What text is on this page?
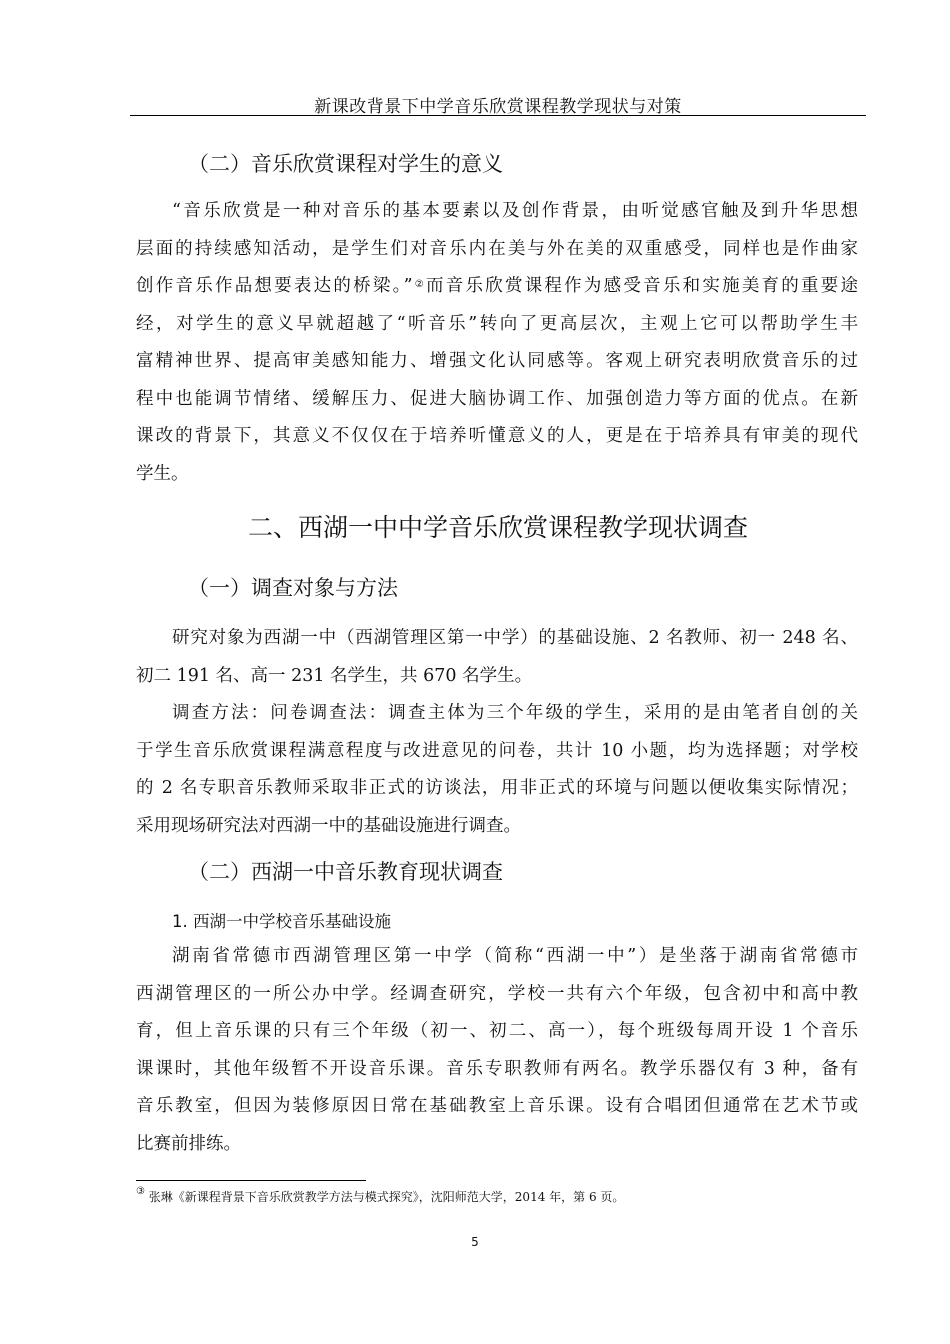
新课改背景下中学音乐欣赏课程教学现状与对策
（二）音乐欣赏课程对学生的意义
“音乐欣赏是一种对音乐的基本要素以及创作背景，由听觉感官触及到升华思想
层面的持续感知活动，是学生们对音乐内在美与外在美的双重感受，同样也是作曲家
创作音乐作品想要表达的桥梁。”②而音乐欣赏课程作为感受音乐和实施美育的重要途
经，对学生的意义早就超越了“听音乐”转向了更高层次，主观上它可以帮助学生丰
富精神世界、提高审美感知能力、增强文化认同感等。客观上研究表明欣赏音乐的过
程中也能调节情绪、缓解压力、促进大脑协调工作、加强创造力等方面的优点。在新
课改的背景下，其意义不仅仅在于培养听懂意义的人，更是在于培养具有审美的现代
学生。
二、西湖一中中学音乐欣赏课程教学现状调查
（一）调查对象与方法
研究对象为西湖一中（西湖管理区第一中学）的基础设施、2 名教师、初一 248 名、
初二 191 名、高一 231 名学生，共 670 名学生。
调查方法：问卷调查法：调查主体为三个年级的学生，采用的是由笔者自创的关
于学生音乐欣赏课程满意程度与改进意见的问卷，共计 10 小题，均为选择题；对学校
的 2 名专职音乐教师采取非正式的访谈法，用非正式的环境与问题以便收集实际情况；
采用现场研究法对西湖一中的基础设施进行调查。
（二）西湖一中音乐教育现状调查
1. 西湖一中学校音乐基础设施
湖南省常德市西湖管理区第一中学（简称“西湖一中”）是坐落于湖南省常德市
西湖管理区的一所公办中学。经调查研究，学校一共有六个年级，包含初中和高中教
育，但上音乐课的只有三个年级（初一、初二、高一），每个班级每周开设 1 个音乐
课课时，其他年级暂不开设音乐课。音乐专职教师有两名。教学乐器仅有 3 种，备有
音乐教室，但因为装修原因日常在基础教室上音乐课。设有合唱团但通常在艺术节或
比赛前排练。
③ 张琳《新课程背景下音乐欣赏教学方法与模式探究》，沈阳师范大学，2014 年，第 6 页。
5
